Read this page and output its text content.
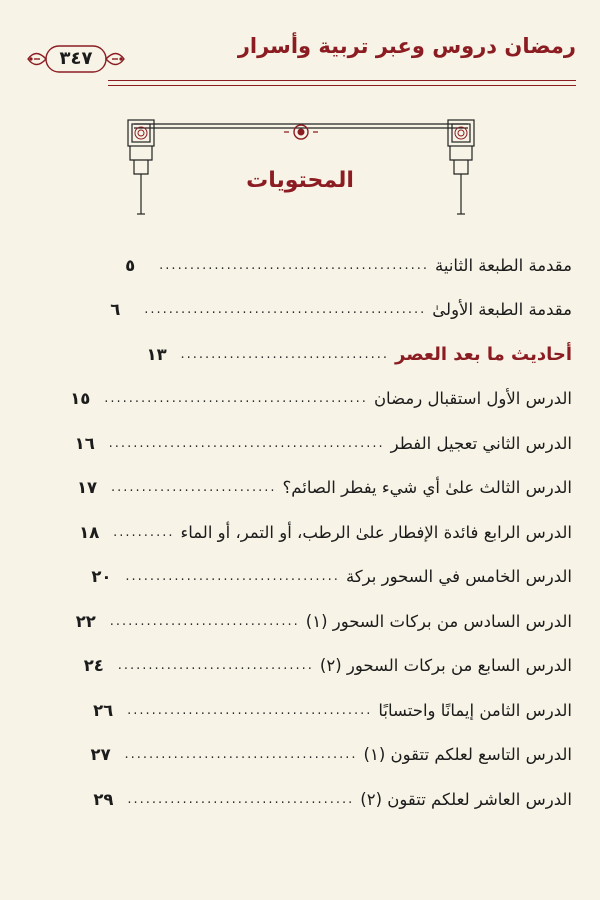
رمضان دروس وعبر تربية وأسرار
٣٤٧
المحتويات
مقدمة الطبعة الثانية
............................................
٥
مقدمة الطبعة الأولىٰ
..............................................
٦
أحاديث ما بعد العصر
..................................
١٣
الدرس الأول استقبال رمضان
...........................................
١٥
الدرس الثاني تعجيل الفطر
.............................................
١٦
الدرس الثالث علىٰ أي شيء يفطر الصائم؟
...........................
١٧
الدرس الرابع فائدة الإفطار علىٰ الرطب، أو التمر، أو الماء
..........
١٨
الدرس الخامس في السحور بركة
...................................
٢٠
الدرس السادس من بركات السحور (١)
...............................
٢٢
الدرس السابع من بركات السحور (٢)
................................
٢٤
الدرس الثامن إيمانًا واحتسابًا
........................................
٢٦
الدرس التاسع لعلكم تتقون (١)
......................................
٢٧
الدرس العاشر لعلكم تتقون (٢)
.....................................
٢٩
